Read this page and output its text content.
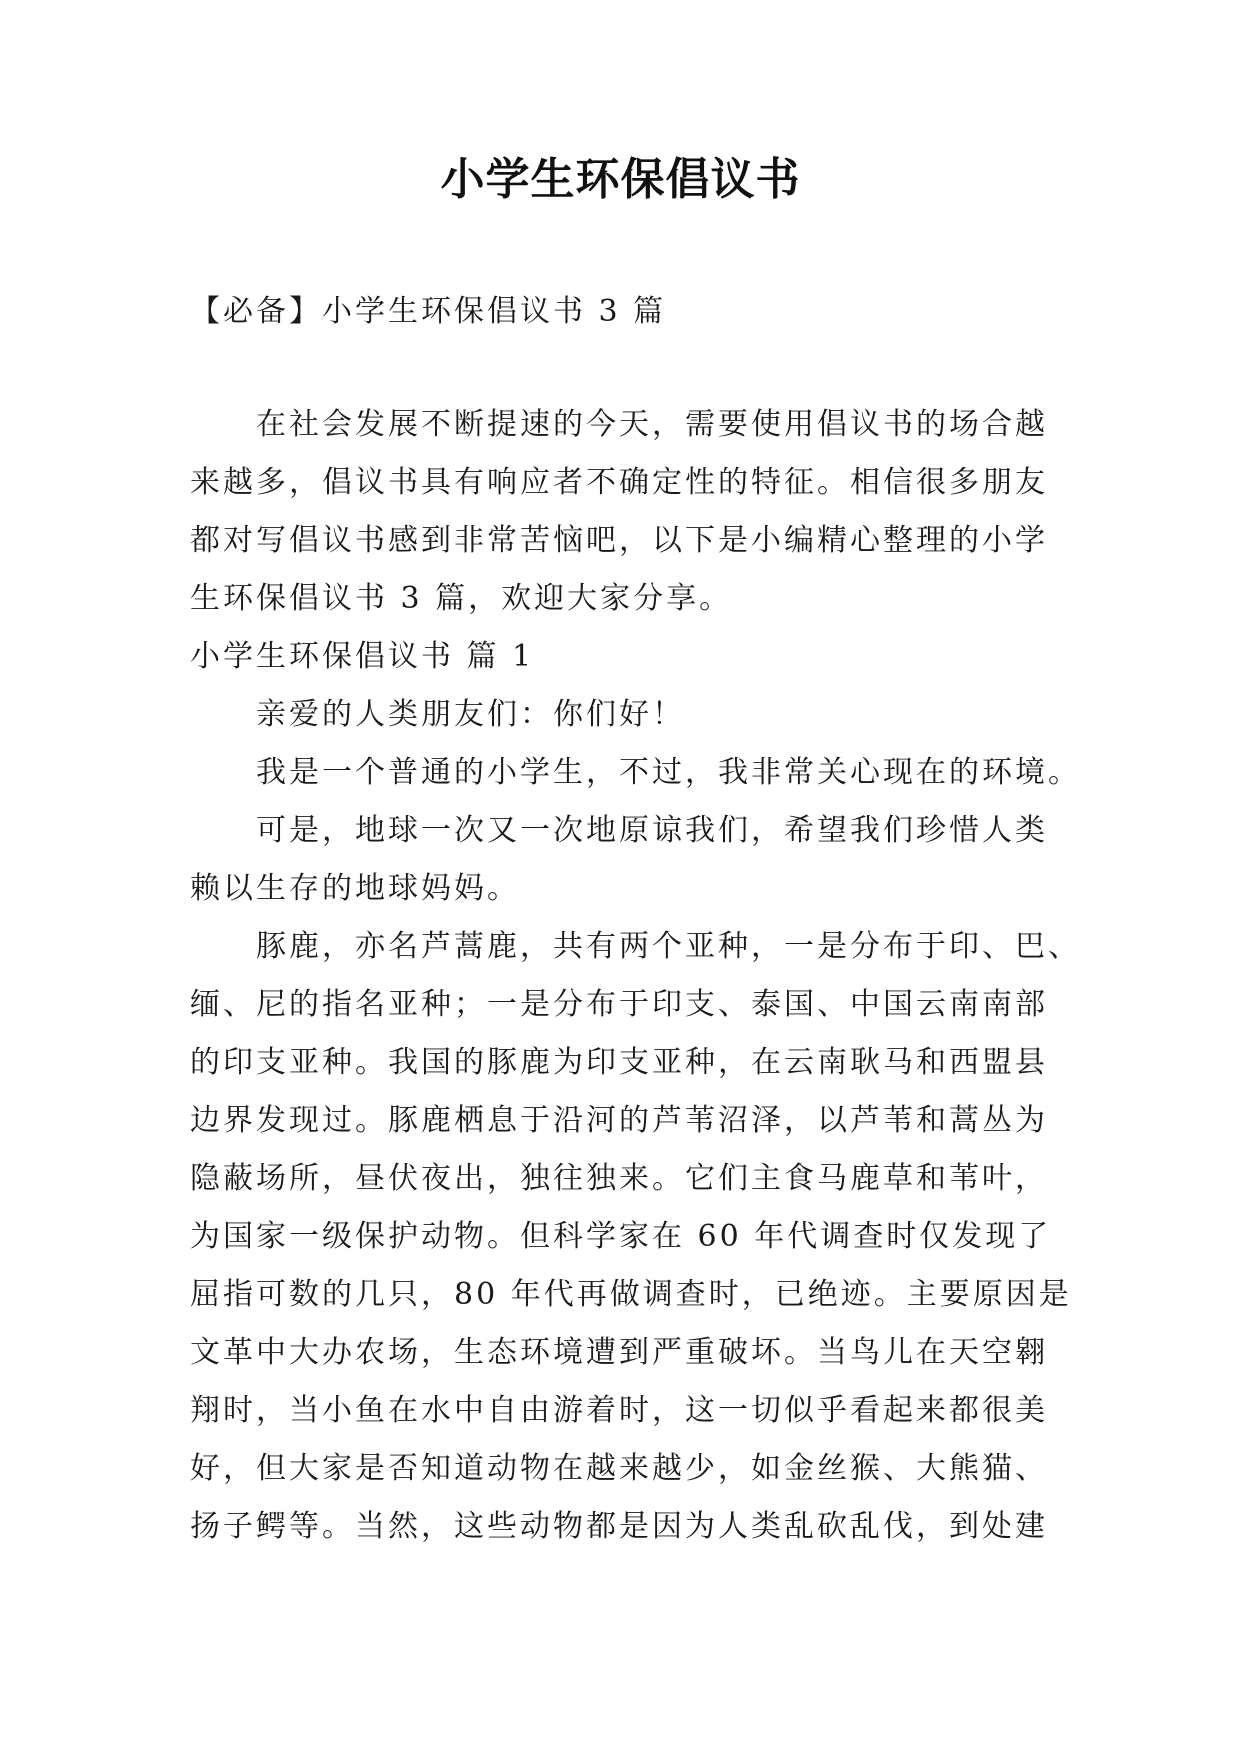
小学生环保倡议书

【必备】小学生环保倡议书 3 篇

在社会发展不断提速的今天，需要使用倡议书的场合越

来越多，倡议书具有响应者不确定性的特征。相信很多朋友

都对写倡议书感到非常苦恼吧，以下是小编精心整理的小学

生环保倡议书 3 篇，欢迎大家分享。

小学生环保倡议书 篇 1

亲爱的人类朋友们：你们好！

我是一个普通的小学生，不过，我非常关心现在的环境。

可是，地球一次又一次地原谅我们，希望我们珍惜人类

赖以生存的地球妈妈。

豚鹿，亦名芦蒿鹿，共有两个亚种，一是分布于印、巴、

缅、尼的指名亚种；一是分布于印支、泰国、中国云南南部

的印支亚种。我国的豚鹿为印支亚种，在云南耿马和西盟县

边界发现过。豚鹿栖息于沿河的芦苇沼泽，以芦苇和蒿丛为

隐蔽场所，昼伏夜出，独往独来。它们主食马鹿草和苇叶，

为国家一级保护动物。但科学家在 60 年代调查时仅发现了

屈指可数的几只，80 年代再做调查时，已绝迹。主要原因是

文革中大办农场，生态环境遭到严重破坏。当鸟儿在天空翱

翔时，当小鱼在水中自由游着时，这一切似乎看起来都很美

好，但大家是否知道动物在越来越少，如金丝猴、大熊猫、

扬子鳄等。当然，这些动物都是因为人类乱砍乱伐，到处建
